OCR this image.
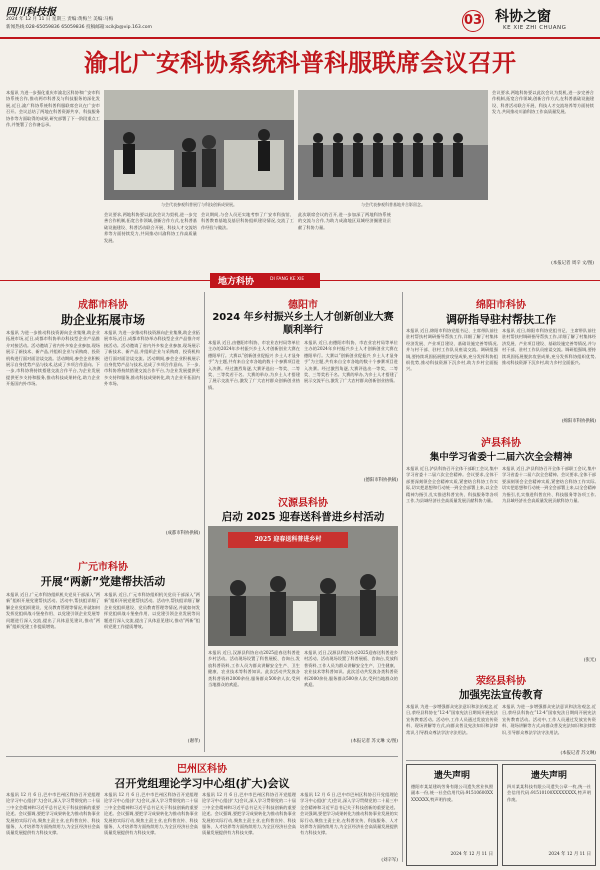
四川科技报
2024 年 12 月 11 日 星期三 责编:黄梅兰 美编:马梅
新闻热线:028-65059836 65059836 投稿邮箱:scikjb@vip.163.com	03 科协之窗
KE XIE ZHI CHUANG
渝北广安科协系统科普科服联席会议召开

本报讯 为进一步强化重庆市渝北区科协和广安市科协系统合作,推动两市科普及与科技服务的深化发展,近日,渝广科协系统科普科服联席会议在广安市召开。会议总结了两地在科普资源共享、科技服务协作等方面取得的成果,研究部署了下一阶段重点工作,并签署了合作备忘录。

与会代表参观科普展厅与科技创新成果展。	与会代表参观科普基地并合影留念。

会议要求,两地科协要以此次会议为契机,进一步完善合作机制,拓宽合作领域,创新合作方式,在科普基础设施建设、科普活动联合开展、科技人才交流培养等方面持续发力,共同推动川渝科协工作高质量发展。

会议期间,与会人员还实地考察了广安市科技馆、科普教育基地及基层科协组织建设情况,交流了工作经验与做法。

此次联席会议的召开,进一步加深了两地科协系统的交流与合作,为助力成渝地区双城经济圈建设贡献了科协力量。

会议要求,两地科协要以此次会议为契机,进一步完善合作机制,拓宽合作领域,创新合作方式,在科普基础设施建设、科普活动联合开展、科技人才交流培养等方面持续发力,共同推动川渝科协工作高质量发展。

(本报记者 周辛 文/图)
地方科协	DI FANG KE XIE
成都市科协
助企业拓展市场
本报讯 为进一步推动科技资源向企业集聚,助企业拓展市场,近日,成都市科协举办科技型企业产品推介对接活动。活动邀请了省内外多家企业参加,现场展示了新技术、新产品,并组织企业与采购商、投资机构进行面对面洽谈交流。活动期间,参会企业积极展示自身优势产品与技术,达成了多项合作意向。下一步,市科协将持续搭建交流合作平台,为企业发展提供更多支持和服务,推动科技成果转化,助力企业开拓国内外市场。
本报讯 为进一步推动科技资源向企业集聚,助企业拓展市场,近日,成都市科协举办科技型企业产品推介对接活动。活动邀请了省内外多家企业参加,现场展示了新技术、新产品,并组织企业与采购商、投资机构进行面对面洽谈交流。活动期间,参会企业积极展示自身优势产品与技术,达成了多项合作意向。下一步,市科协将持续搭建交流合作平台,为企业发展提供更多支持和服务,推动科技成果转化,助力企业开拓国内外市场。
(成都市科协供稿)
德阳市
2024 年乡村振兴乡土人才创新创业大赛顺利举行
本报讯 近日,由德阳市科协、市农业农村局等单位主办的2024年乡村振兴乡土人才创新创业大赛在德阳举行。大赛以“创新创业促振兴 乡土人才显身手”为主题,共有来自全市各地的数十个参赛项目进入决赛。经过激烈角逐,大赛评选出一等奖、二等奖、三等奖若干名。大赛的举办,为乡土人才搭建了展示交流平台,激发了广大农村群众创新创业热情。
本报讯 近日,由德阳市科协、市农业农村局等单位主办的2024年乡村振兴乡土人才创新创业大赛在德阳举行。大赛以“创新创业促振兴 乡土人才显身手”为主题,共有来自全市各地的数十个参赛项目进入决赛。经过激烈角逐,大赛评选出一等奖、二等奖、三等奖若干名。大赛的举办,为乡土人才搭建了展示交流平台,激发了广大农村群众创新创业热情。
(德阳市科协供稿)
绵阳市科协
调研指导驻村帮扶工作
本报讯 近日,绵阳市科协党组书记、主席带队前往驻村帮扶村调研指导帮扶工作,详细了解了村集体经济发展、产业项目建设、基础设施完善等情况,并与村干部、驻村工作队员座谈交流。调研组强调,要持续巩固拓展脱贫攻坚成果,充分发挥科协组织优势,推动科技资源下沉乡村,助力乡村全面振兴。
本报讯 近日,绵阳市科协党组书记、主席带队前往驻村帮扶村调研指导帮扶工作,详细了解了村集体经济发展、产业项目建设、基础设施完善等情况,并与村干部、驻村工作队员座谈交流。调研组强调,要持续巩固拓展脱贫攻坚成果,充分发挥科协组织优势,推动科技资源下沉乡村,助力乡村全面振兴。
(绵阳市科协供稿)
汉源县科协
启动 2025 迎春送科普进乡村活动
2025 迎春送科普进乡村
本报讯 近日,汉源县科协启动2025迎春送科普进乡村活动。活动现场设置了科普展板、咨询台,发放科普资料,工作人员为群众讲解安全生产、卫生健康、农业技术等科普知识。此次活动共发放各类科普资料2000余份,服务群众500余人次,受到当地群众的欢迎。
本报讯 近日,汉源县科协启动2025迎春送科普进乡村活动。活动现场设置了科普展板、咨询台,发放科普资料,工作人员为群众讲解安全生产、卫生健康、农业技术等科普知识。此次活动共发放各类科普资料2000余份,服务群众500余人次,受到当地群众的欢迎。
(本报记者 苏文琳 文/图)
广元市科协
开展“两新”党建帮扶活动
本报讯 近日,广元市科协组织机关党员干部深入“两新”组织开展党建帮扶活动。活动中,帮扶组详细了解企业党组织建设、党员教育管理等情况,并就如何发挥党组织战斗堡垒作用、以党建引领企业发展等问题进行深入交流,提出了具体意见建议,推动“两新”组织党建工作提质增效。
本报讯 近日,广元市科协组织机关党员干部深入“两新”组织开展党建帮扶活动。活动中,帮扶组详细了解企业党组织建设、党员教育管理等情况,并就如何发挥党组织战斗堡垒作用、以党建引领企业发展等问题进行深入交流,提出了具体意见建议,推动“两新”组织党建工作提质增效。
(谢孝)
泸县科协
集中学习省委十二届六次全会精神
本报讯 近日,泸县科协召开全体干部职工会议,集中学习省委十二届六次全会精神。会议要求,全体干部要深刻领会全会精神实质,紧密结合科协工作实际,切实把思想和行动统一到全会部署上来,以全会精神为指引,扎实推进科普宣传、科技服务等各项工作,为县域经济社会高质量发展贡献科协力量。
本报讯 近日,泸县科协召开全体干部职工会议,集中学习省委十二届六次全会精神。会议要求,全体干部要深刻领会全会精神实质,紧密结合科协工作实际,切实把思想和行动统一到全会部署上来,以全会精神为指引,扎实推进科普宣传、科技服务等各项工作,为县域经济社会高质量发展贡献科协力量。
(张光)
荥经县科协
加强宪法宣传教育
本报讯 为进一步增强群众宪法意识和法治观念,近日,荥经县科协在“12·4”国家宪法日期间开展宪法宣传教育活动。活动中,工作人员通过发放宣传资料、现场讲解等方式,向群众普及宪法知识和法律常识,引导群众尊法学法守法用法。
本报讯 为进一步增强群众宪法意识和法治观念,近日,荥经县科协在“12·4”国家宪法日期间开展宪法宣传教育活动。活动中,工作人员通过发放宣传资料、现场讲解等方式,向群众普及宪法知识和法律常识,引导群众尊法学法守法用法。
(本报记者 苏文琳)
巴州区科协
召开党组理论学习中心组(扩大)会议
本报讯 12 月 6 日,巴中市巴州区科协召开党组理论学习中心组(扩大)会议,深入学习贯彻党的二十届三中全会精神和习近平总书记关于科技创新的重要论述。会议强调,要把学习成果转化为推动科协事业发展的实际行动,聚焦主责主业,在科普宣传、科技服务、人才培养等方面持续用力,为全区经济社会高质量发展提供有力科技支撑。
本报讯 12 月 6 日,巴中市巴州区科协召开党组理论学习中心组(扩大)会议,深入学习贯彻党的二十届三中全会精神和习近平总书记关于科技创新的重要论述。会议强调,要把学习成果转化为推动科协事业发展的实际行动,聚焦主责主业,在科普宣传、科技服务、人才培养等方面持续用力,为全区经济社会高质量发展提供有力科技支撑。
本报讯 12 月 6 日,巴中市巴州区科协召开党组理论学习中心组(扩大)会议,深入学习贯彻党的二十届三中全会精神和习近平总书记关于科技创新的重要论述。会议强调,要把学习成果转化为推动科协事业发展的实际行动,聚焦主责主业,在科普宣传、科技服务、人才培养等方面持续用力,为全区经济社会高质量发展提供有力科技支撑。
本报讯 12 月 6 日,巴中市巴州区科协召开党组理论学习中心组(扩大)会议,深入学习贯彻党的二十届三中全会精神和习近平总书记关于科技创新的重要论述。会议强调,要把学习成果转化为推动科协事业发展的实际行动,聚焦主责主业,在科普宣传、科技服务、人才培养等方面持续用力,为全区经济社会高质量发展提供有力科技支撑。
(刘辛军)
遗失声明
德阳市某某建筑劳务有限公司遗失营业执照副本一份,统一社会信用代码:91510600XXXXXXXX,特声明作废。
2024 年 12 月 11 日
遗失声明
四川某某科技有限公司遗失公章一枚,统一社会信用代码:91510100XXXXXXXX,特声明作废。
2024 年 12 月 11 日
